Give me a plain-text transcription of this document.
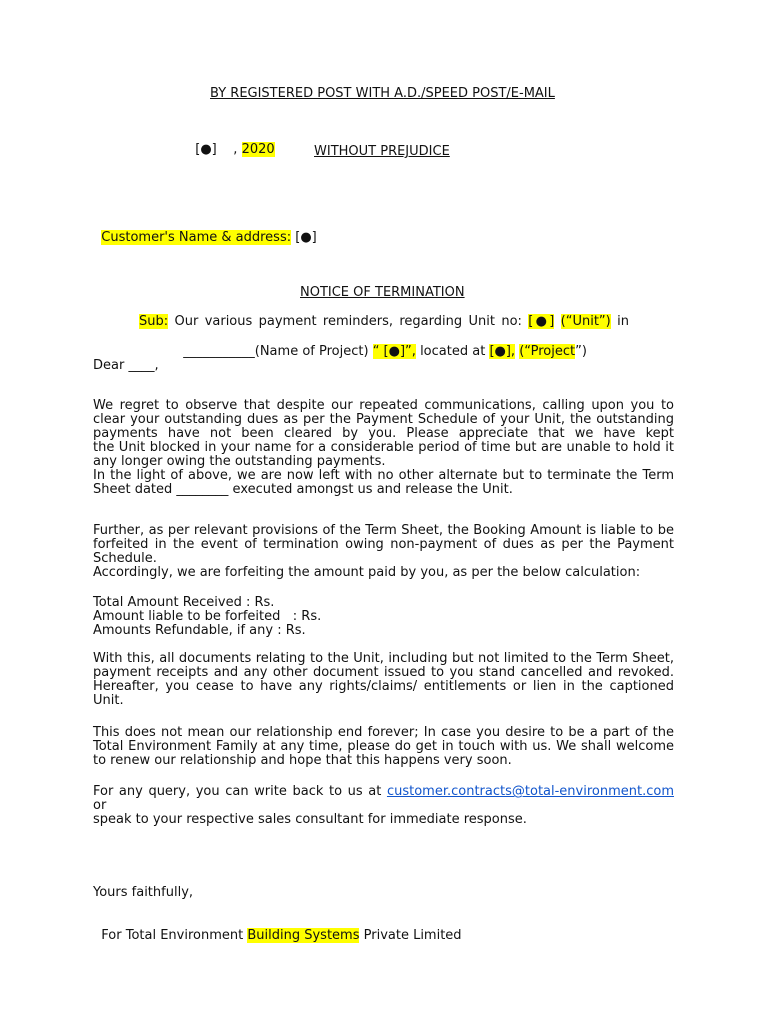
BY REGISTERED POST WITH A.D./SPEED POST/E-MAIL

[●] , 2020	WITHOUT PREJUDICE

Customer's Name & address: [●]

NOTICE OF TERMINATION
Sub: Our various payment reminders, regarding Unit no: [●] (“Unit”) in

___________(Name of Project) “ [●]”, located at [●], (“Project”)

Dear ____,
We regret to observe that despite our repeated communications, calling upon you to
clear your outstanding dues as per the Payment Schedule of your Unit, the outstanding
payments have not been cleared by you. Please appreciate that we have kept
the Unit blocked in your name for a considerable period of time but are unable to hold it
any longer owing the outstanding payments.
In the light of above, we are now left with no other alternate but to terminate the Term
Sheet dated ________ executed amongst us and release the Unit.
Further, as per relevant provisions of the Term Sheet, the Booking Amount is liable to be
forfeited in the event of termination owing non-payment of dues as per the Payment
Schedule.
Accordingly, we are forfeiting the amount paid by you, as per the below calculation:
Total Amount Received : Rs.
Amount liable to be forfeited   : Rs.
Amounts Refundable, if any : Rs.
With this, all documents relating to the Unit, including but not limited to the Term Sheet,
payment receipts and any other document issued to you stand cancelled and revoked.
Hereafter, you cease to have any rights/claims/ entitlements or lien in the captioned
Unit.
This does not mean our relationship end forever; In case you desire to be a part of the
Total Environment Family at any time, please do get in touch with us. We shall welcome
to renew our relationship and hope that this happens very soon.
For any query, you can write back to us at customer.contracts@total-environment.com or
speak to your respective sales consultant for immediate response.
Yours faithfully,

For Total Environment Building Systems Private Limited
